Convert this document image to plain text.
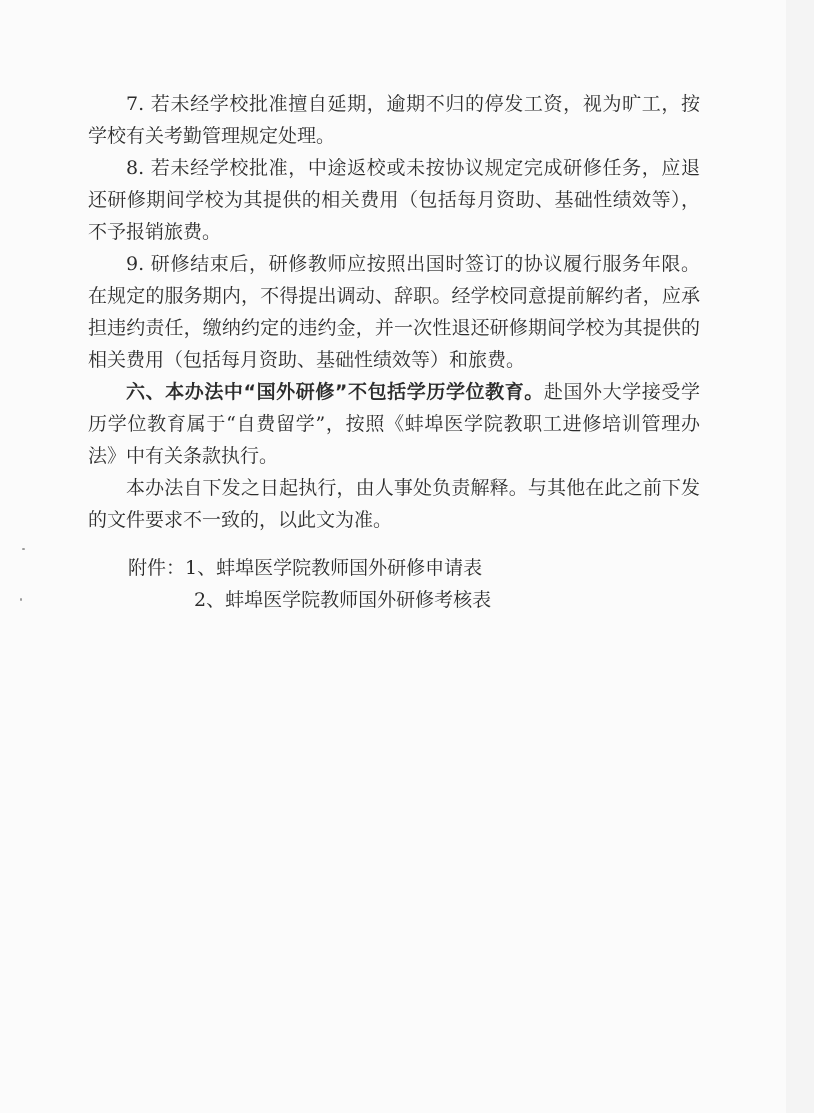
7. 若未经学校批准擅自延期，逾期不归的停发工资，视为旷工，按学校有关考勤管理规定处理。

8. 若未经学校批准，中途返校或未按协议规定完成研修任务，应退还研修期间学校为其提供的相关费用（包括每月资助、基础性绩效等），不予报销旅费。

9. 研修结束后，研修教师应按照出国时签订的协议履行服务年限。在规定的服务期内，不得提出调动、辞职。经学校同意提前解约者，应承担违约责任，缴纳约定的违约金，并一次性退还研修期间学校为其提供的相关费用（包括每月资助、基础性绩效等）和旅费。

六、本办法中“国外研修”不包括学历学位教育。赴国外大学接受学历学位教育属于“自费留学”，按照《蚌埠医学院教职工进修培训管理办法》中有关条款执行。

本办法自下发之日起执行，由人事处负责解释。与其他在此之前下发的文件要求不一致的，以此文为准。

附件：1、蚌埠医学院教师国外研修申请表
2、蚌埠医学院教师国外研修考核表
